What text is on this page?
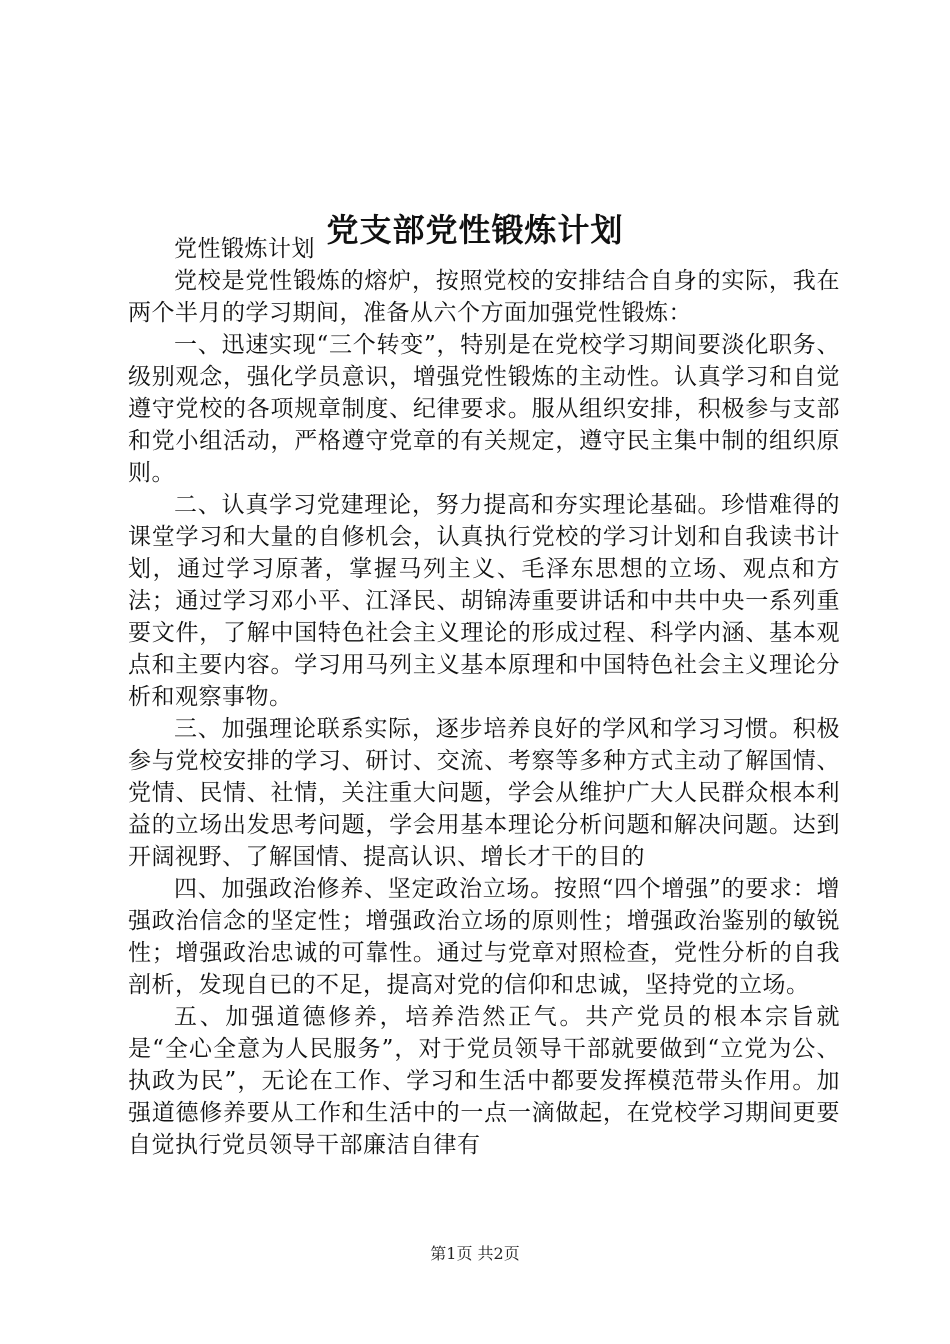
党支部党性锻炼计划

党性锻炼计划

党校是党性锻炼的熔炉，按照党校的安排结合自身的实际，我在两个半月的学习期间，准备从六个方面加强党性锻炼：

一、迅速实现“三个转变”，特别是在党校学习期间要淡化职务、级别观念，强化学员意识，增强党性锻炼的主动性。认真学习和自觉遵守党校的各项规章制度、纪律要求。服从组织安排，积极参与支部和党小组活动，严格遵守党章的有关规定，遵守民主集中制的组织原则。

二、认真学习党建理论，努力提高和夯实理论基础。珍惜难得的课堂学习和大量的自修机会，认真执行党校的学习计划和自我读书计划，通过学习原著，掌握马列主义、毛泽东思想的立场、观点和方法；通过学习邓小平、江泽民、胡锦涛重要讲话和中共中央一系列重要文件，了解中国特色社会主义理论的形成过程、科学内涵、基本观点和主要内容。学习用马列主义基本原理和中国特色社会主义理论分析和观察事物。

三、加强理论联系实际，逐步培养良好的学风和学习习惯。积极参与党校安排的学习、研讨、交流、考察等多种方式主动了解国情、党情、民情、社情，关注重大问题，学会从维护广大人民群众根本利益的立场出发思考问题，学会用基本理论分析问题和解决问题。达到开阔视野、了解国情、提高认识、增长才干的目的

四、加强政治修养、坚定政治立场。按照“四个增强”的要求：增强政治信念的坚定性；增强政治立场的原则性；增强政治鉴别的敏锐性；增强政治忠诚的可靠性。通过与党章对照检查，党性分析的自我剖析，发现自已的不足，提高对党的信仰和忠诚，坚持党的立场。

五、加强道德修养，培养浩然正气。共产党员的根本宗旨就是“全心全意为人民服务”，对于党员领导干部就要做到“立党为公、执政为民”，无论在工作、学习和生活中都要发挥模范带头作用。加强道德修养要从工作和生活中的一点一滴做起，在党校学习期间更要自觉执行党员领导干部廉洁自律有

第1页 共2页
